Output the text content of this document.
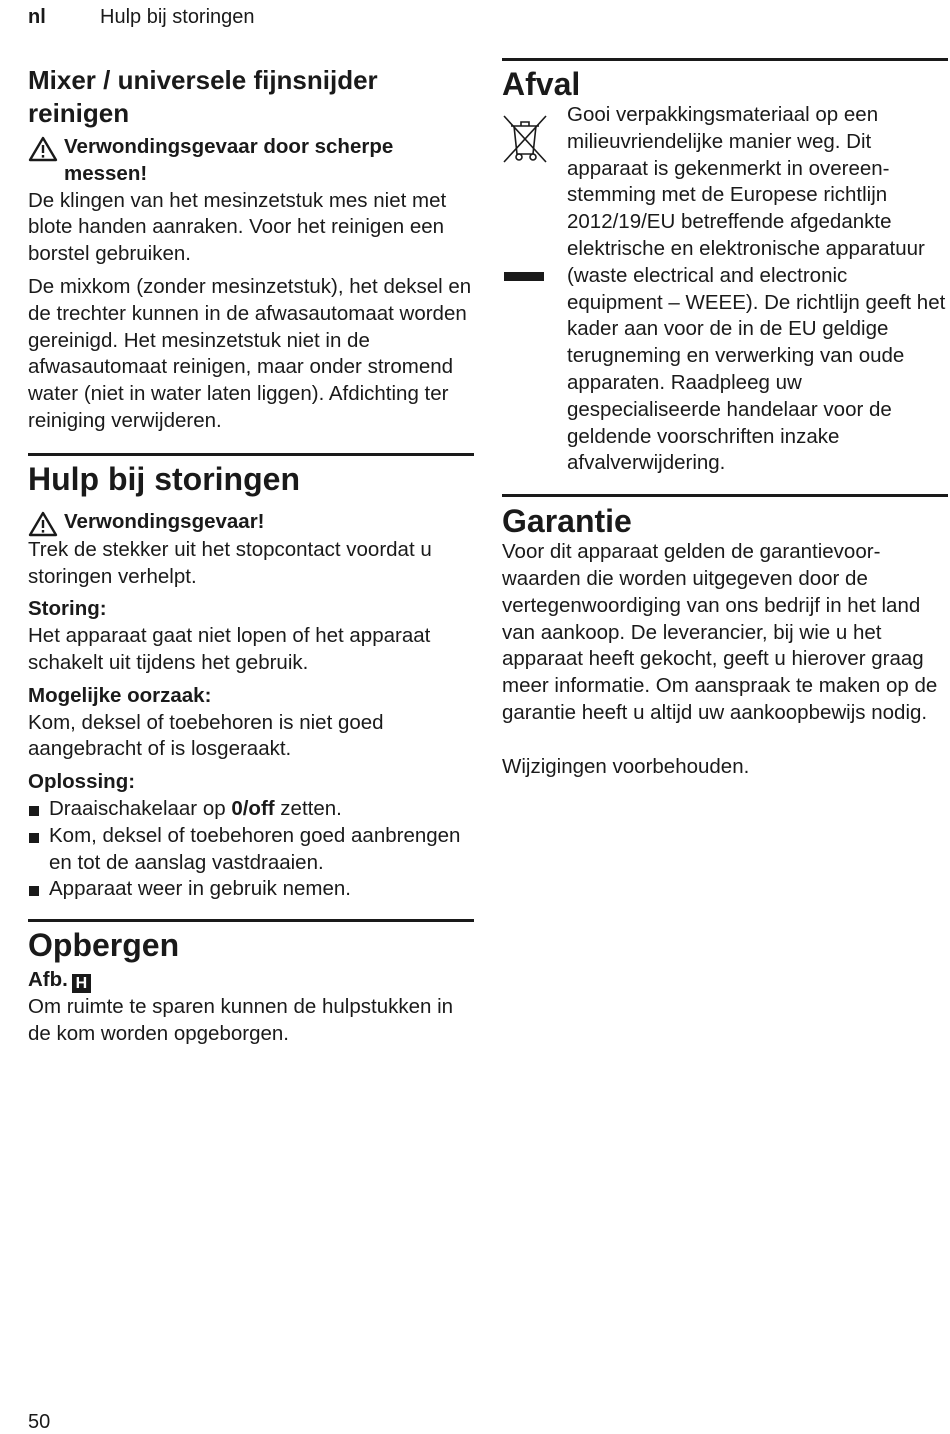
nl	Hulp bij storingen
Mixer / universele fijnsnijder reinigen
Verwondingsgevaar door scherpe messen!

De klingen van het mesinzetstuk mes niet met blote handen aanraken. Voor het reinigen een borstel gebruiken.

De mixkom (zonder mesinzetstuk), het deksel en de trechter kunnen in de afwasautomaat worden gereinigd. Het mesinzetstuk niet in de afwasautomaat reinigen, maar onder stromend water (niet in water laten liggen). Afdichting ter reiniging verwijderen.

Hulp bij storingen
Verwondingsgevaar!

Trek de stekker uit het stopcontact voordat u storingen verhelpt.

Storing:

Het apparaat gaat niet lopen of het apparaat schakelt uit tijdens het gebruik.

Mogelijke oorzaak:

Kom, deksel of toebehoren is niet goed aangebracht of is losgeraakt.

Oplossing:

Draaischakelaar op 0/off zetten.
Kom, deksel of toebehoren goed aanbrengen en tot de aanslag vastdraaien.
Apparaat weer in gebruik nemen.
Opbergen

Afb. H

Om ruimte te sparen kunnen de hulpstukken in de kom worden opgeborgen.

Afval

Gooi verpakkingsmateriaal op een milieuvriendelijke manier weg. Dit apparaat is gekenmerkt in overeenstemming met de Europese richtlijn 2012/19/EU betreffende afgedankte elektrische en elektronische apparatuur (waste electrical and electronic equipment – WEEE). De richtlijn geeft het kader aan voor de in de EU geldige terugneming en verwerking van oude apparaten. Raadpleeg uw gespecialiseerde handelaar voor de geldende voorschriften inzake afvalverwijdering.

Garantie

Voor dit apparaat gelden de garantievoorwaarden die worden uitgegeven door de vertegenwoordiging van ons bedrijf in het land van aankoop. De leverancier, bij wie u het apparaat heeft gekocht, geeft u hierover graag meer informatie. Om aanspraak te maken op de garantie heeft u altijd uw aankoopbewijs nodig.

Wijzigingen voorbehouden.

50
